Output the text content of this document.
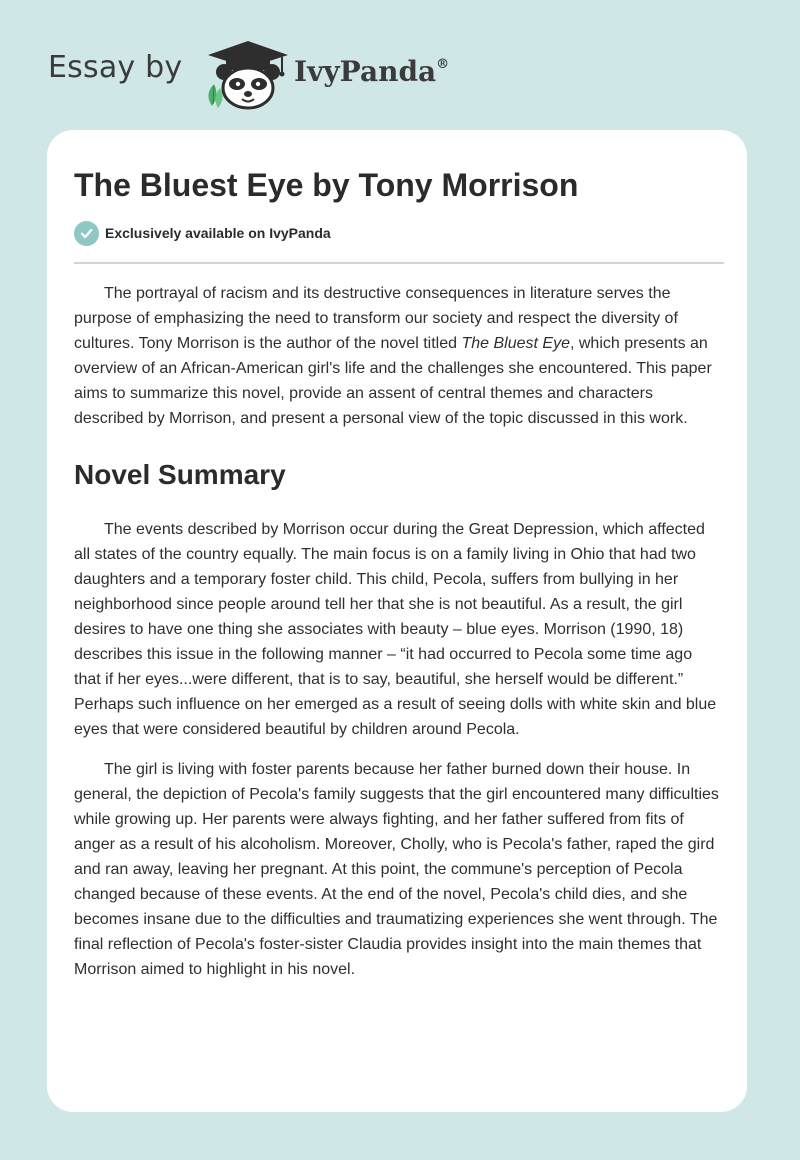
Essay by	IvyPanda®
The Bluest Eye by Tony Morrison
Exclusively available on IvyPanda

The portrayal of racism and its destructive consequences in literature serves the purpose of emphasizing the need to transform our society and respect the diversity of cultures. Tony Morrison is the author of the novel titled The Bluest Eye, which presents an overview of an African-American girl's life and the challenges she encountered. This paper aims to summarize this novel, provide an assent of central themes and characters described by Morrison, and present a personal view of the topic discussed in this work.

Novel Summary

The events described by Morrison occur during the Great Depression, which affected all states of the country equally. The main focus is on a family living in Ohio that had two daughters and a temporary foster child. This child, Pecola, suffers from bullying in her neighborhood since people around tell her that she is not beautiful. As a result, the girl desires to have one thing she associates with beauty – blue eyes. Morrison (1990, 18) describes this issue in the following manner – “it had occurred to Pecola some time ago that if her eyes...were different, that is to say, beautiful, she herself would be different.” Perhaps such influence on her emerged as a result of seeing dolls with white skin and blue eyes that were considered beautiful by children around Pecola.

The girl is living with foster parents because her father burned down their house. In general, the depiction of Pecola's family suggests that the girl encountered many difficulties while growing up. Her parents were always fighting, and her father suffered from fits of anger as a result of his alcoholism. Moreover, Cholly, who is Pecola's father, raped the gird and ran away, leaving her pregnant. At this point, the commune's perception of Pecola changed because of these events. At the end of the novel, Pecola's child dies, and she becomes insane due to the difficulties and traumatizing experiences she went through. The final reflection of Pecola's foster-sister Claudia provides insight into the main themes that Morrison aimed to highlight in his novel.
